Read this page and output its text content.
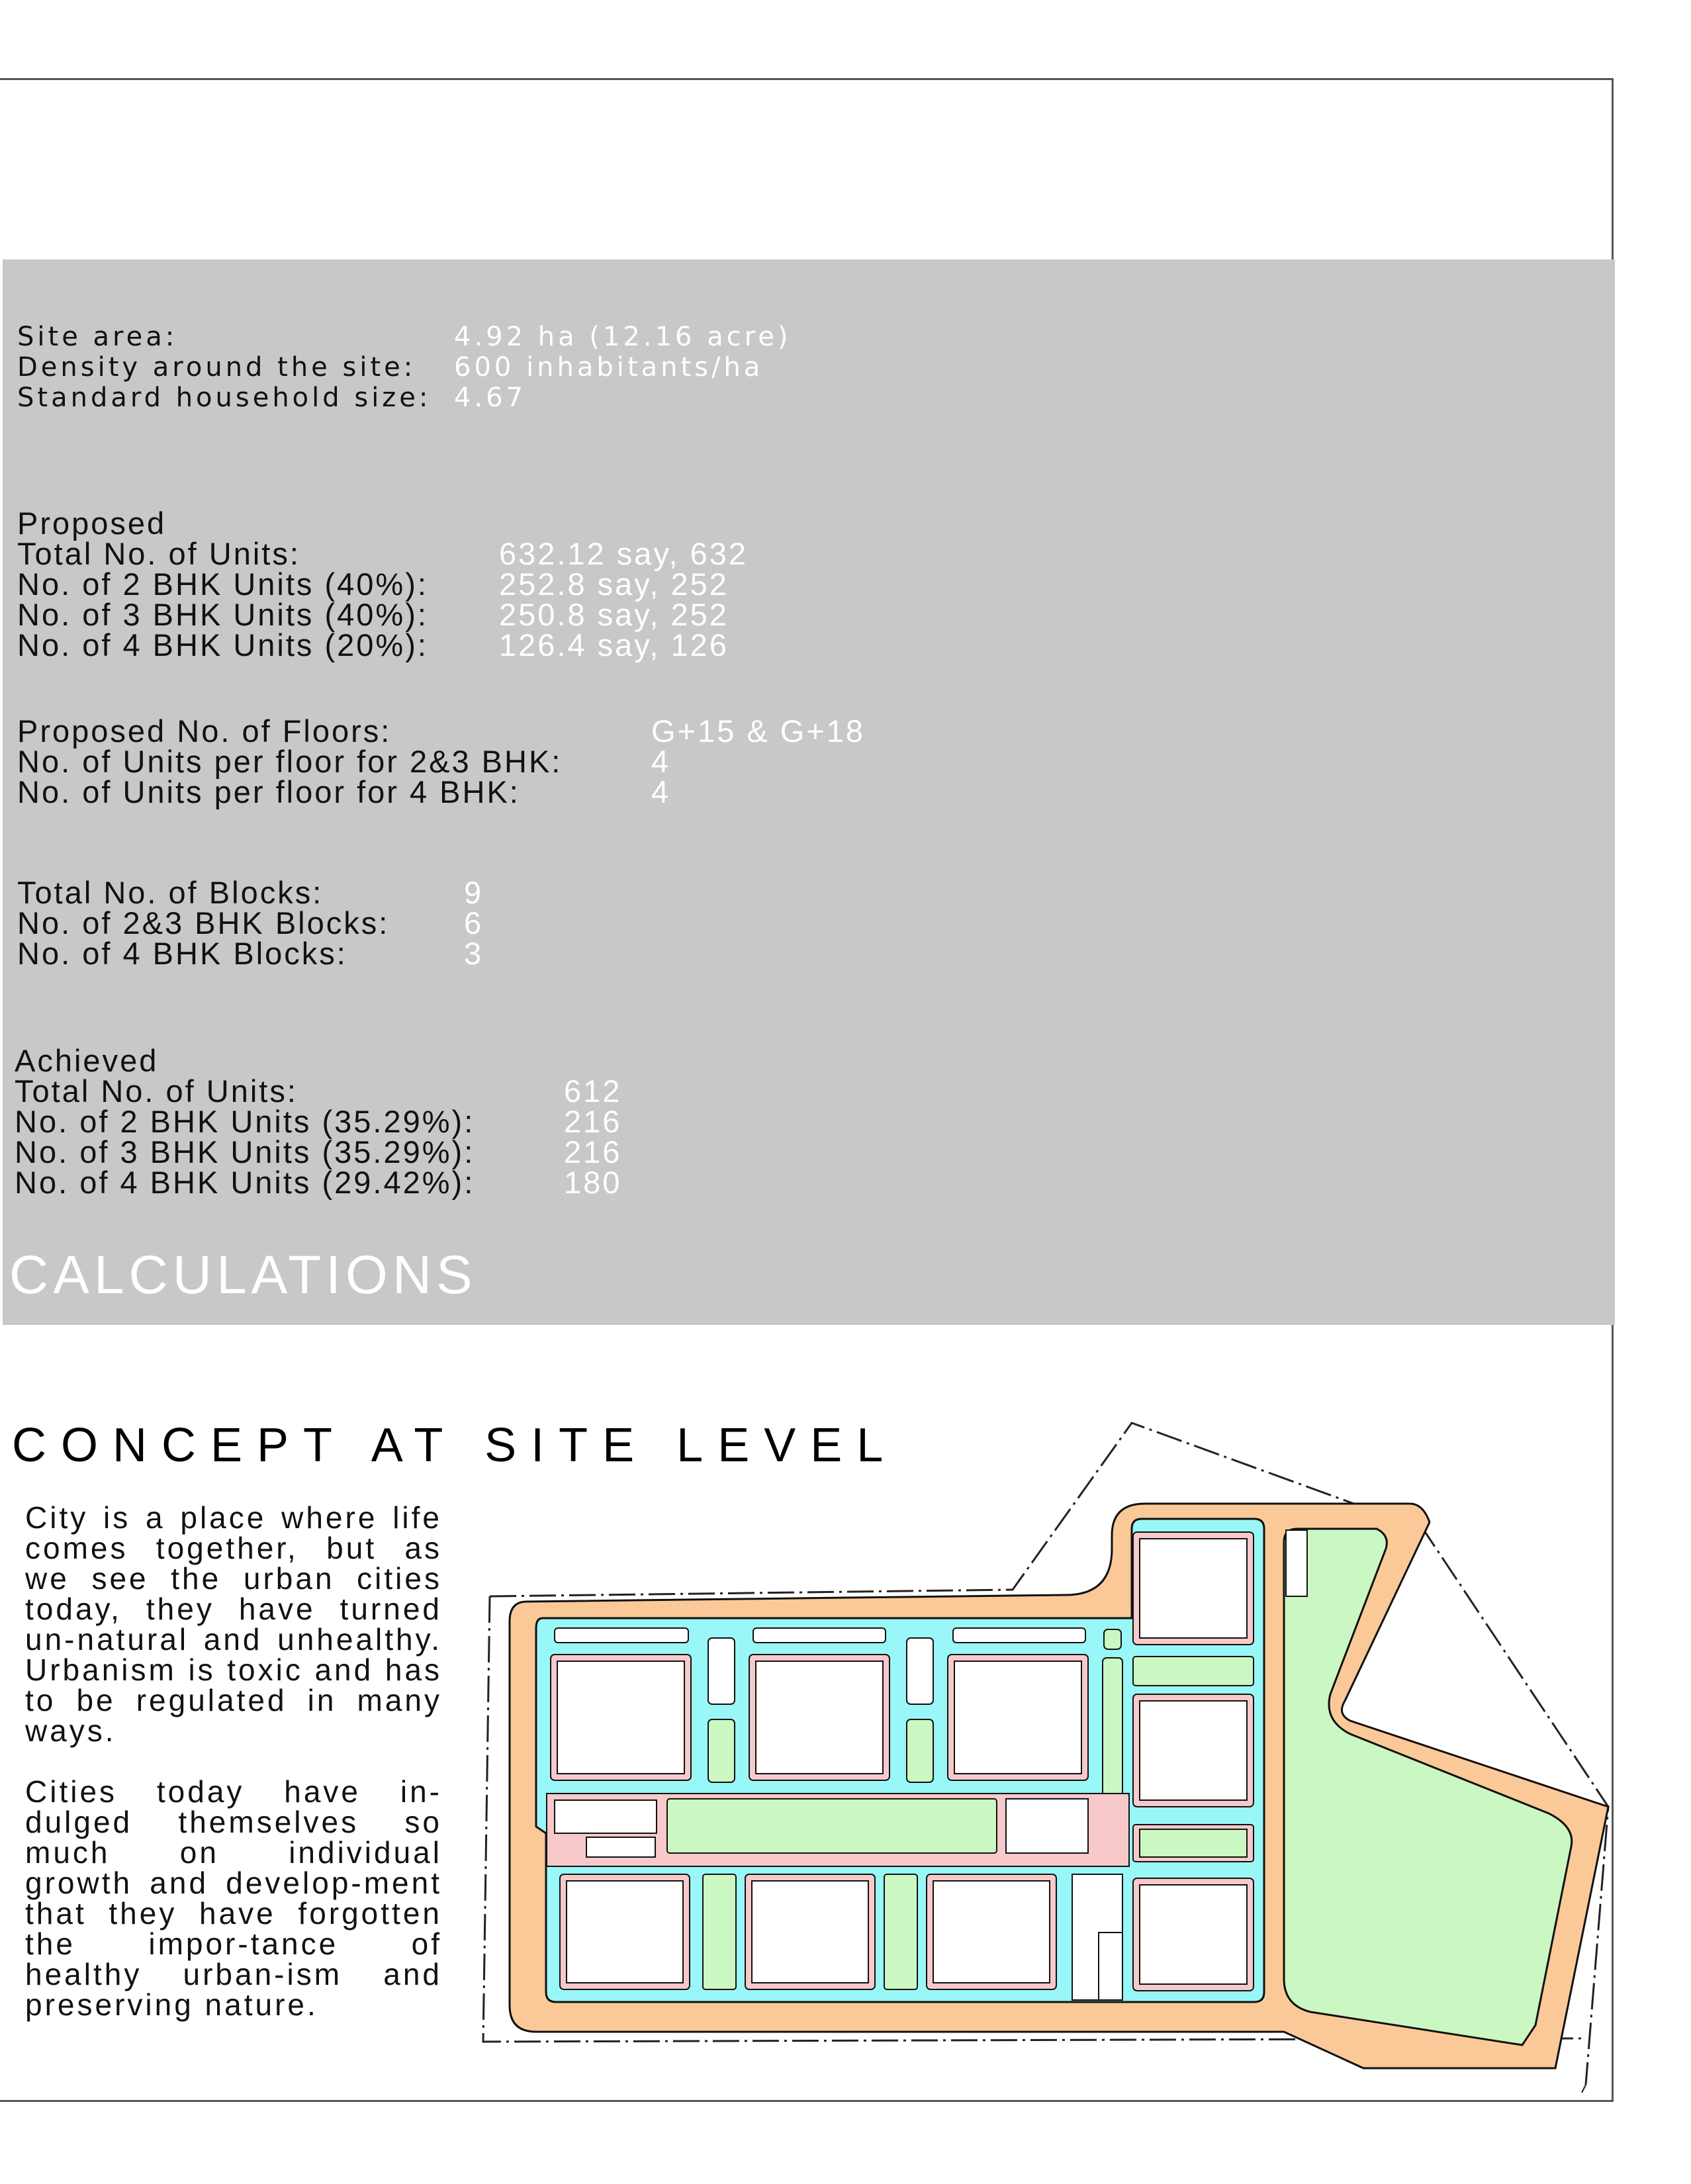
Site area:	4.92 ha (12.16 acre)
Density around the site:	600 inhabitants/ha
Standard household size: 4.67
Proposed
Total No. of Units:	632.12 say, 632
No. of 2 BHK Units (40%):	252.8 say, 252
No. of 3 BHK Units (40%):	250.8 say, 252
No. of 4 BHK Units (20%):	126.4 say, 126
Proposed No. of Floors:	G+15 & G+18
No. of Units per floor for 2&3 BHK:	4
No. of Units per floor for 4 BHK:	4
Total No. of Blocks:	9
No. of 2&3 BHK Blocks:	6
No. of 4 BHK Blocks:	3
Achieved
Total No. of Units:	612
No. of 2 BHK Units (35.29%):	216
No. of 3 BHK Units (35.29%):	216
No. of 4 BHK Units (29.42%):	180
CALCULATIONS
CONCEPT AT SITE LEVEL

City is a place where life comes together, but as we see the urban cities today, they have turned un-natural and unhealthy. Urbanism is toxic and has to be regulated in many ways.

Cities today have in-dulged themselves so much on individual growth and develop-ment that they have forgotten the impor-tance of healthy urban-ism and preserving nature.
